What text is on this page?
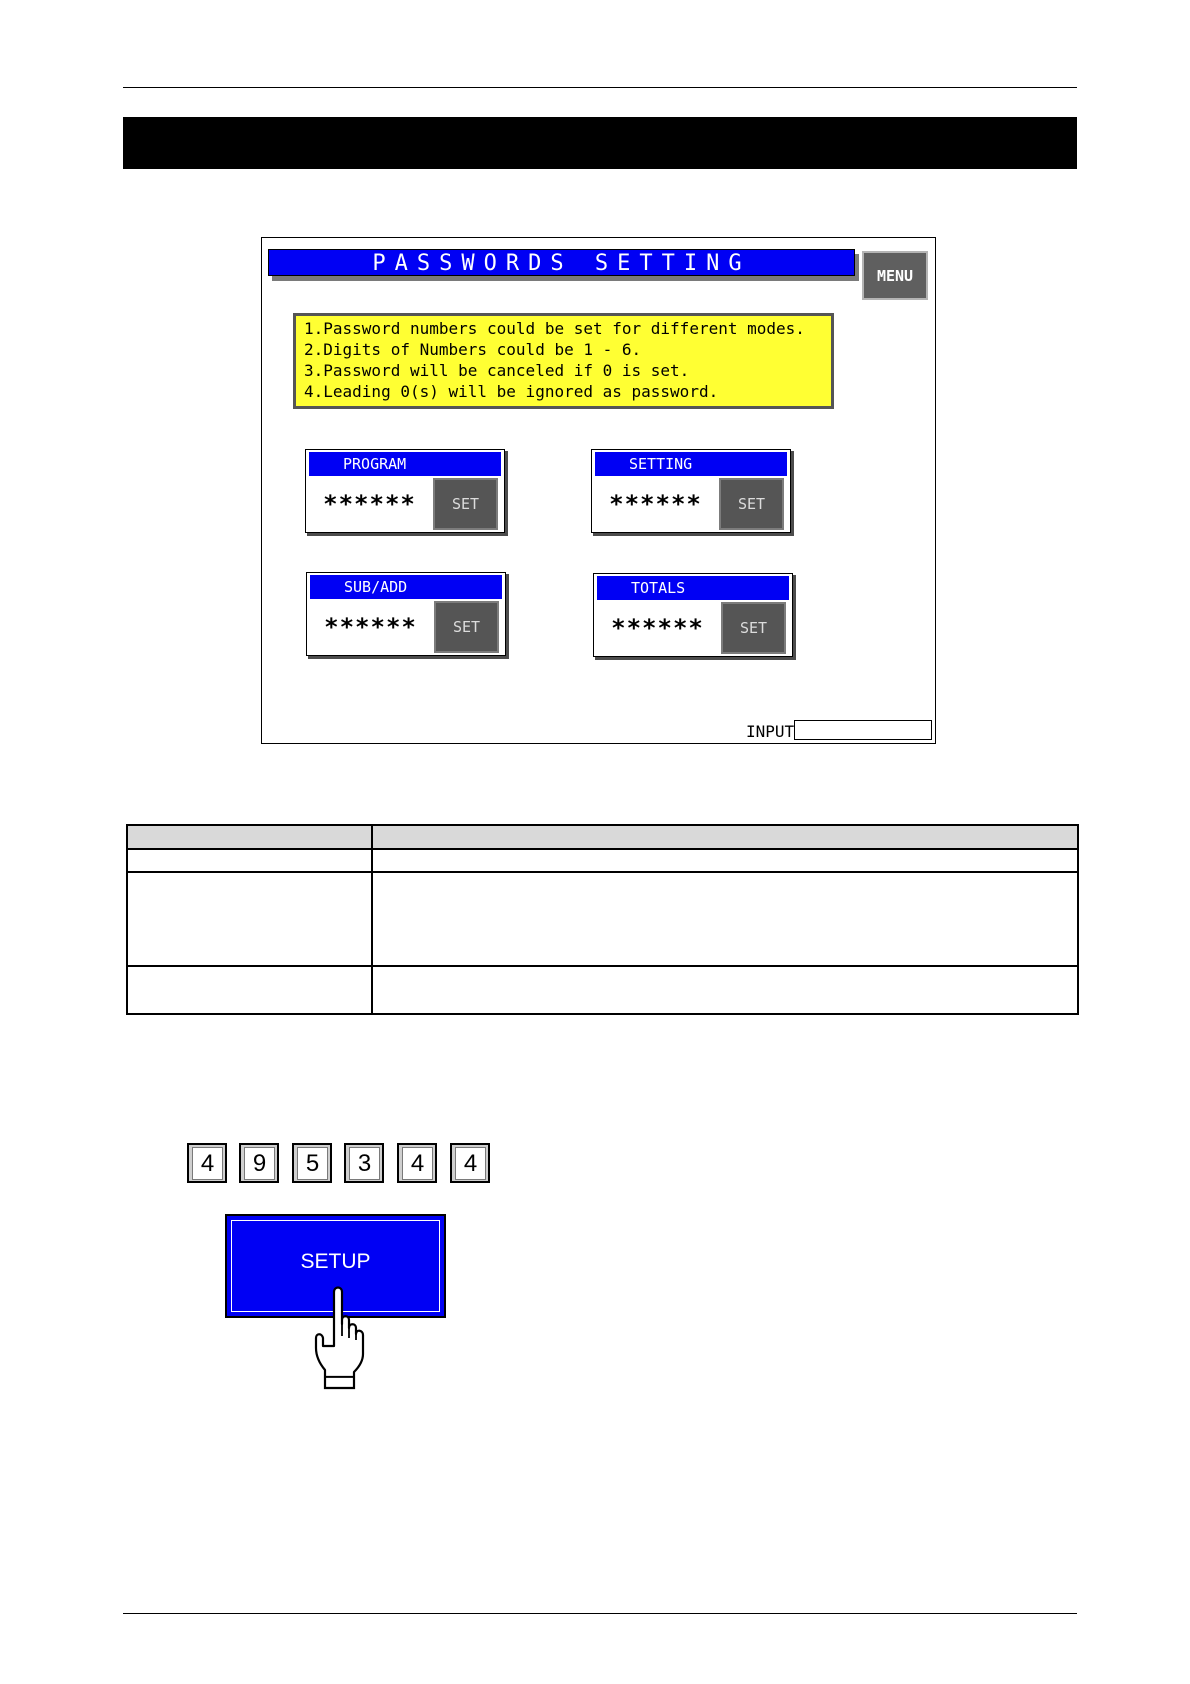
PASSWORDS SETTING	MENU
1.Password numbers could be set for different modes.
2.Digits of Numbers could be 1 - 6.
3.Password will be canceled if 0 is set.
4.Leading 0(s) will be ignored as password.
PROGRAM
******	SET
SETTING
******	SET
SUB/ADD
******	SET
TOTALS
******	SET
INPUT

4	9	5	3	4	4
SETUP
